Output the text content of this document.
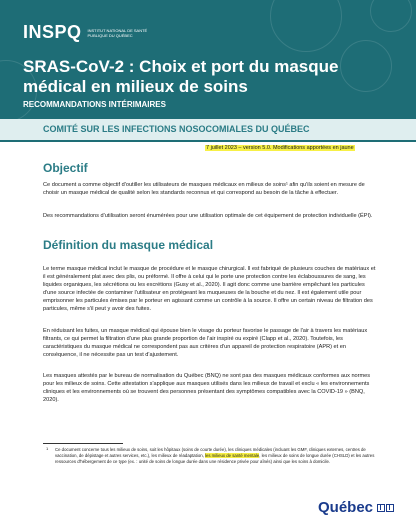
INSPQ INSTITUT NATIONAL DE SANTÉ PUBLIQUE DU QUÉBEC
SRAS-CoV-2 : Choix et port du masque médical en milieux de soins
RECOMMANDATIONS INTÉRIMAIRES
COMITÉ SUR LES INFECTIONS NOSOCOMIALES DU QUÉBEC
7 juillet 2023 – version 5.0. Modifications apportées en jaune
Objectif
Ce document a comme objectif d'outiller les utilisateurs de masques médicaux en milieux de soins¹ afin qu'ils soient en mesure de choisir un masque médical de qualité selon les standards reconnus et qui correspond au besoin de la tâche à effectuer.
Des recommandations d'utilisation seront énumérées pour une utilisation optimale de cet équipement de protection individuelle (ÉPI).
Définition du masque médical
Le terme masque médical inclut le masque de procédure et le masque chirurgical. Il est fabriqué de plusieurs couches de matériaux et il est généralement plat avec des plis, ou préformé. Il offre à celui qui le porte une protection contre les éclaboussures de sang, les liquides organiques, les sécrétions ou les excrétions (Gusy et al., 2020). Il agit donc comme une barrière empêchant les particules d'une source infectée de contaminer l'utilisateur en protégeant les muqueuses de la bouche et du nez. Il est également utile pour emprisonner les particules émises par le porteur en agissant comme un contrôle à la source. Il offre un certain niveau de filtration des particules, même s'il peut y avoir des fuites.
En réduisant les fuites, un masque médical qui épouse bien le visage du porteur favorise le passage de l'air à travers les matériaux filtrants, ce qui permet la filtration d'une plus grande proportion de l'air inspiré ou expiré (Clapp et al., 2020). Toutefois, les caractéristiques du masque médical ne correspondent pas aux critères d'un appareil de protection respiratoire (APR) et en conséquence, il ne nécessite pas un test d'ajustement.
Les masques attestés par le bureau de normalisation du Québec (BNQ) ne sont pas des masques médicaux conformes aux normes pour les milieux de soins. Cette attestation s'applique aux masques utilisés dans les milieux de travail et exclu « les environnements cliniques et les environnements où se trouvent des personnes présentant des symptômes compatibles avec la COVID-19 » (BNQ, 2020).
1 Ce document concerne tous les milieux de soins, soit les hôpitaux (soins de courte durée), les cliniques médicales (incluant les GMF, cliniques externes, centres de vaccination, de dépistage et autres services, etc.), les milieux de réadaptation, les milieux de santé mentale, les milieux de soins de longue durée (CHSLD) et les autres ressources d'hébergement de ce type (ex. : unité de soins de longue durée dans une résidence privée pour aînés) ainsi que les soins à domicile.
Québec
